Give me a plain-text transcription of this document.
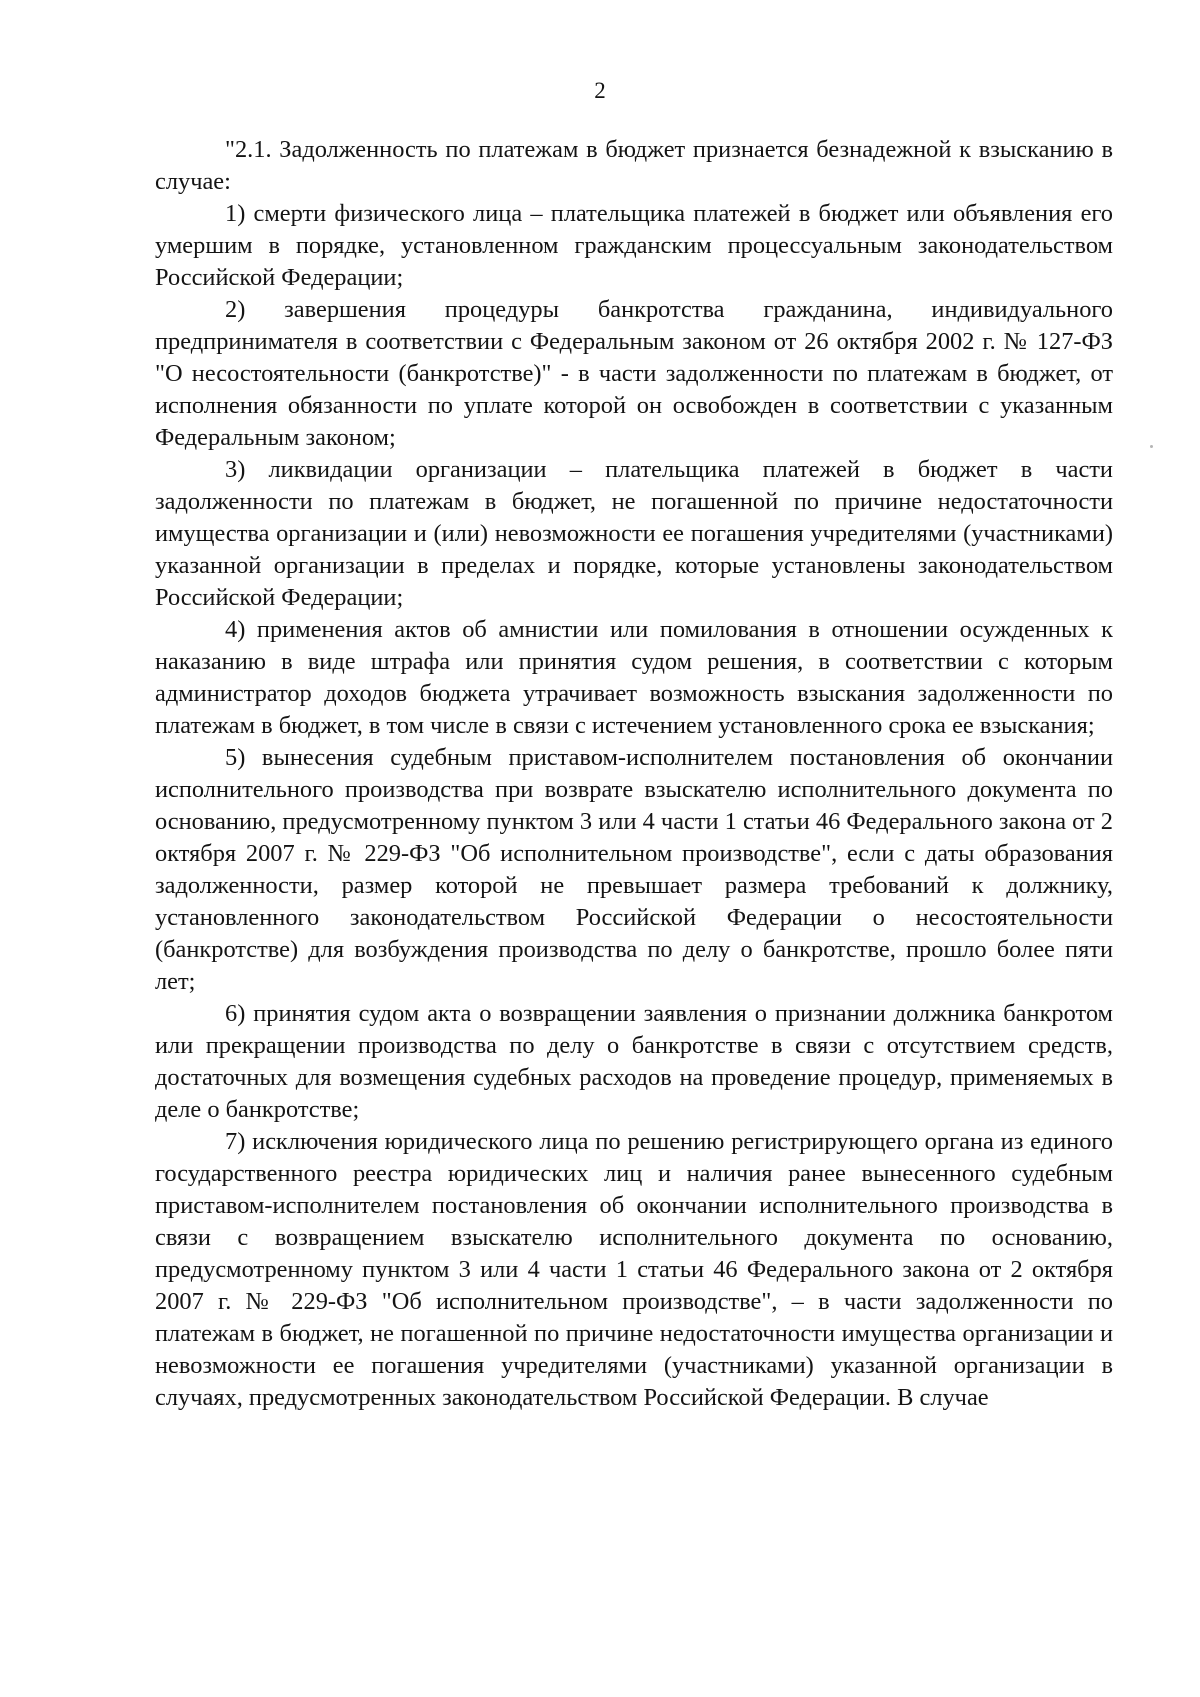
2

"2.1. Задолженность по платежам в бюджет признается безнадежной к взысканию в случае:

1) смерти физического лица – плательщика платежей в бюджет или объявления его умершим в порядке, установленном гражданским процессуальным законодательством Российской Федерации;

2) завершения процедуры банкротства гражданина, индивидуального предпринимателя в соответствии с Федеральным законом от 26 октября 2002 г. № 127-ФЗ "О несостоятельности (банкротстве)" - в части задолженности по платежам в бюджет, от исполнения обязанности по уплате которой он освобожден в соответствии с указанным Федеральным законом;

3) ликвидации организации – плательщика платежей в бюджет в части задолженности по платежам в бюджет, не погашенной по причине недостаточности имущества организации и (или) невозможности ее погашения учредителями (участниками) указанной организации в пределах и порядке, которые установлены законодательством Российской Федерации;

4) применения актов об амнистии или помилования в отношении осужденных к наказанию в виде штрафа или принятия судом решения, в соответствии с которым администратор доходов бюджета утрачивает возможность взыскания задолженности по платежам в бюджет, в том числе в связи с истечением установленного срока ее взыскания;

5) вынесения судебным приставом-исполнителем постановления об окончании исполнительного производства при возврате взыскателю исполнительного документа по основанию, предусмотренному пунктом 3 или 4 части 1 статьи 46 Федерального закона от 2 октября 2007 г. № 229-ФЗ "Об исполнительном производстве", если с даты образования задолженности, размер которой не превышает размера требований к должнику, установленного законодательством Российской Федерации о несостоятельности (банкротстве) для возбуждения производства по делу о банкротстве, прошло более пяти лет;

6) принятия судом акта о возвращении заявления о признании должника банкротом или прекращении производства по делу о банкротстве в связи с отсутствием средств, достаточных для возмещения судебных расходов на проведение процедур, применяемых в деле о банкротстве;

7) исключения юридического лица по решению регистрирующего органа из единого государственного реестра юридических лиц и наличия ранее вынесенного судебным приставом-исполнителем постановления об окончании исполнительного производства в связи с возвращением взыскателю исполнительного документа по основанию, предусмотренному пунктом 3 или 4 части 1 статьи 46 Федерального закона от 2 октября 2007 г. № 229-ФЗ "Об исполнительном производстве", – в части задолженности по платежам в бюджет, не погашенной по причине недостаточности имущества организации и невозможности ее погашения учредителями (участниками) указанной организации в случаях, предусмотренных законодательством Российской Федерации. В случае
